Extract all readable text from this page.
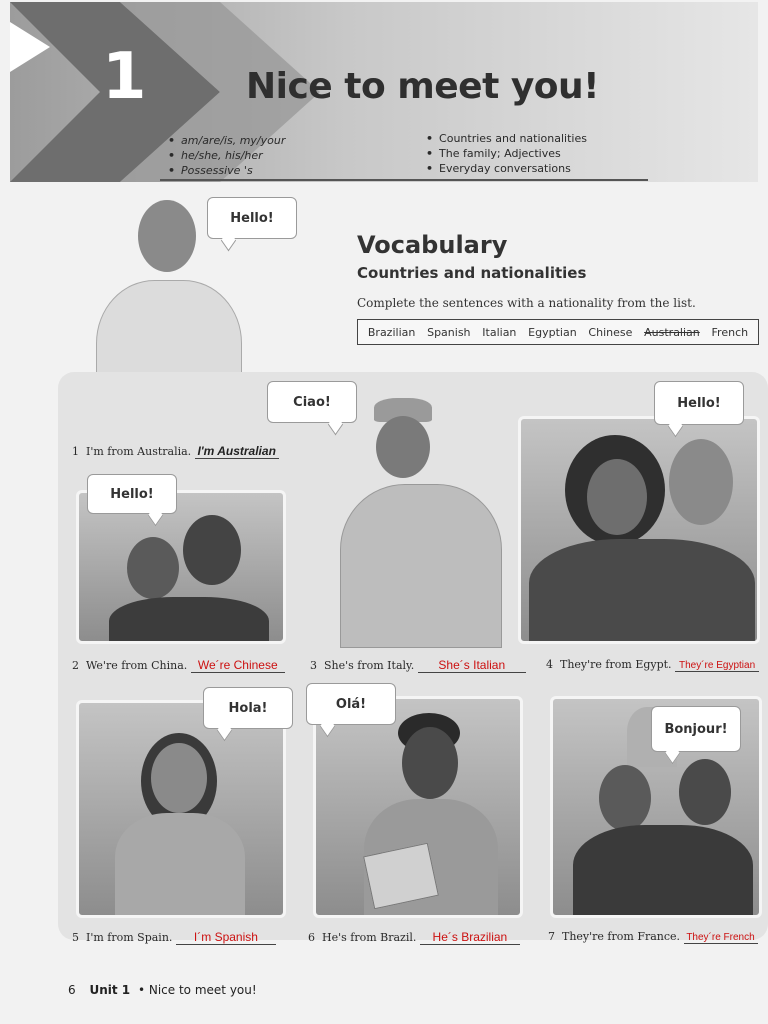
1	Nice to meet you!
• am/are/is, my/your
• he/she, his/her
• Possessive 's
• Countries and nationalities
• The family; Adjectives
• Everyday conversations
Hello!
Vocabulary
Countries and nationalities
Complete the sentences with a nationality from the list.
Brazilian Spanish Italian Egyptian Chinese Australian French
1 I'm from Australia. I'm Australian
Hello!
Ciao!	Hello!
2 We're from China. We´re Chinese	3 She's from Italy. She´s Italian	4 They're from Egypt. They´re Egyptian
Hola!	Olá!
Bonjour!
5 I'm from Spain. I´m Spanish	6 He's from Brazil. He´s Brazilian	7 They're from France. They´re French
6 Unit 1 • Nice to meet you!
